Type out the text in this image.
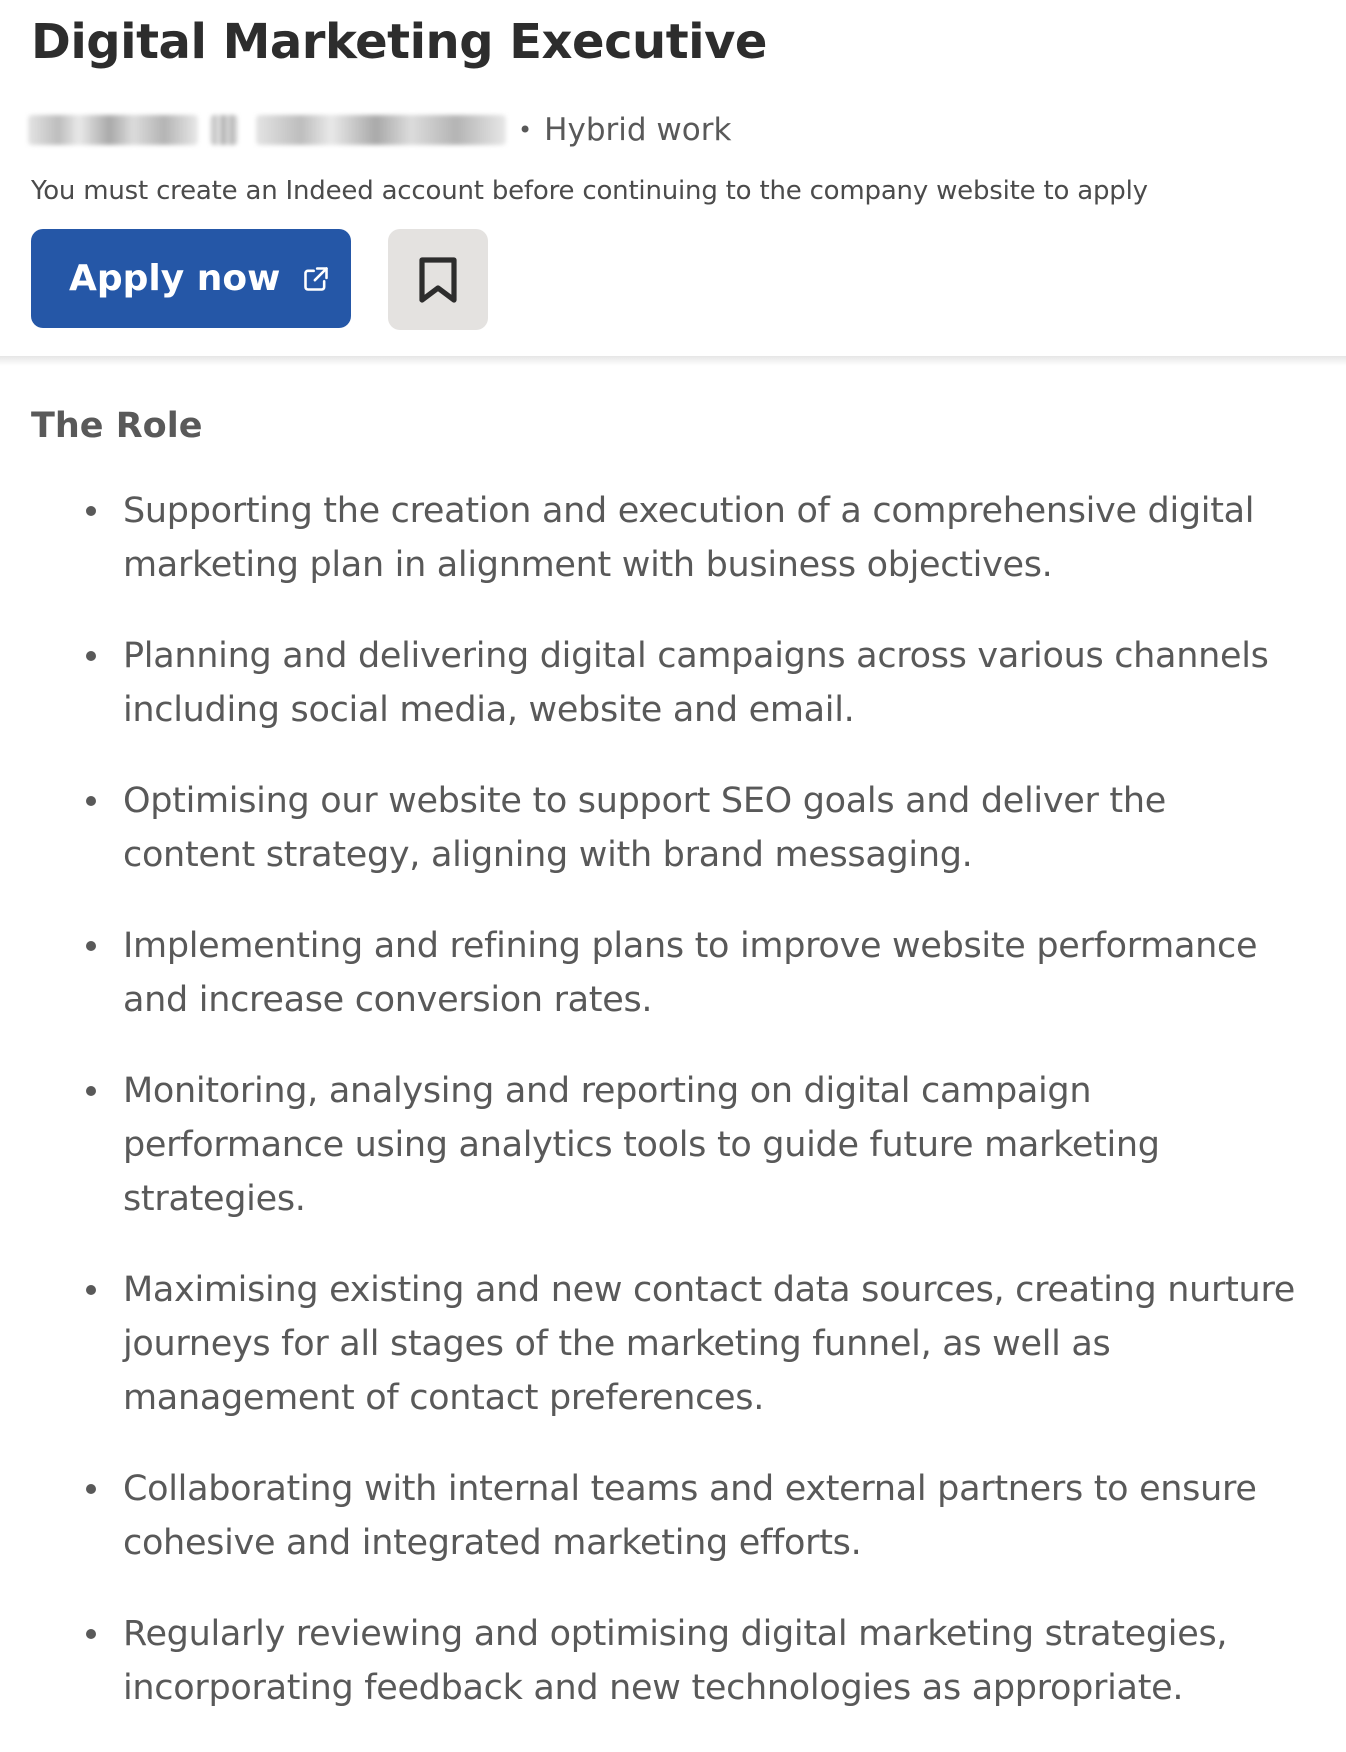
Digital Marketing Executive
• Hybrid work

You must create an Indeed account before continuing to the company website to apply

Apply now
The Role
Supporting the creation and execution of a comprehensive digital marketing plan in alignment with business objectives.
Planning and delivering digital campaigns across various channels including social media, website and email.
Optimising our website to support SEO goals and deliver the content strategy, aligning with brand messaging.
Implementing and refining plans to improve website performance and increase conversion rates.
Monitoring, analysing and reporting on digital campaign performance using analytics tools to guide future marketing strategies.
Maximising existing and new contact data sources, creating nurture journeys for all stages of the marketing funnel, as well as management of contact preferences.
Collaborating with internal teams and external partners to ensure cohesive and integrated marketing efforts.
Regularly reviewing and optimising digital marketing strategies, incorporating feedback and new technologies as appropriate.
